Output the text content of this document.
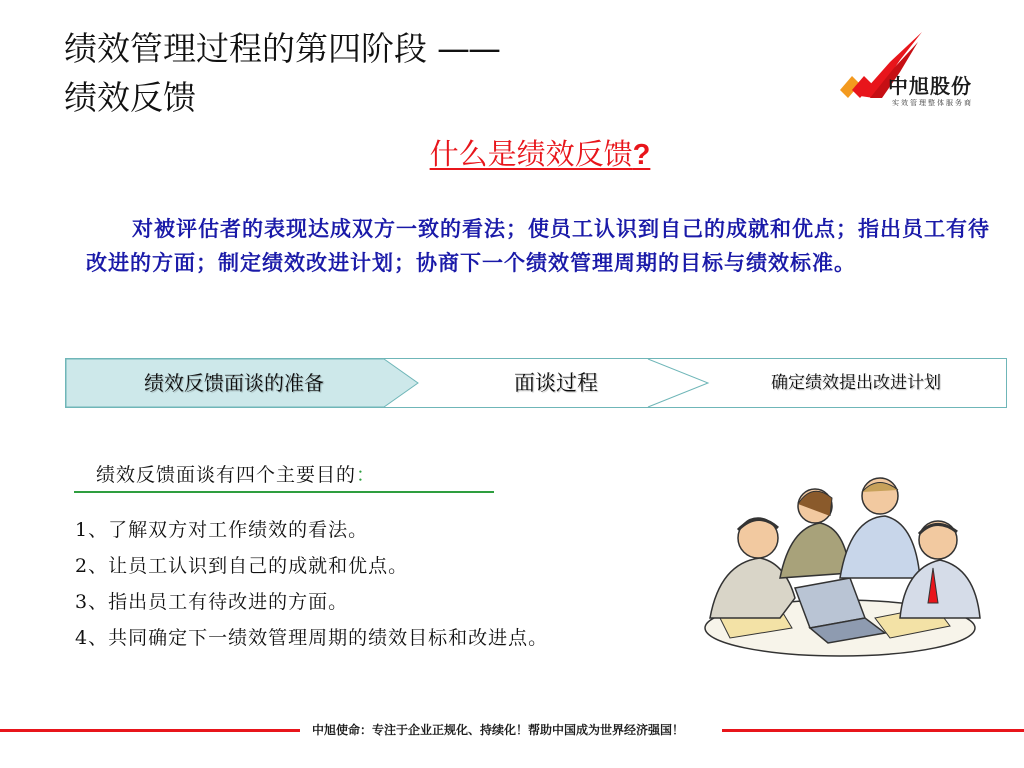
绩效管理过程的第四阶段 ——
绩效反馈	中旭股份
实效管理整体服务商
什么是绩效反馈?
对被评估者的表现达成双方一致的看法；使员工认识到自己的成就和优点；指出员工有待改进的方面；制定绩效改进计划；协商下一个绩效管理周期的目标与绩效标准。
绩效反馈面谈的准备	面谈过程	确定绩效提出改进计划
绩效反馈面谈有四个主要目的：
1、了解双方对工作绩效的看法。
2、让员工认识到自己的成就和优点。
3、指出员工有待改进的方面。
4、共同确定下一绩效管理周期的绩效目标和改进点。
中旭使命：专注于企业正规化、持续化！帮助中国成为世界经济强国！
